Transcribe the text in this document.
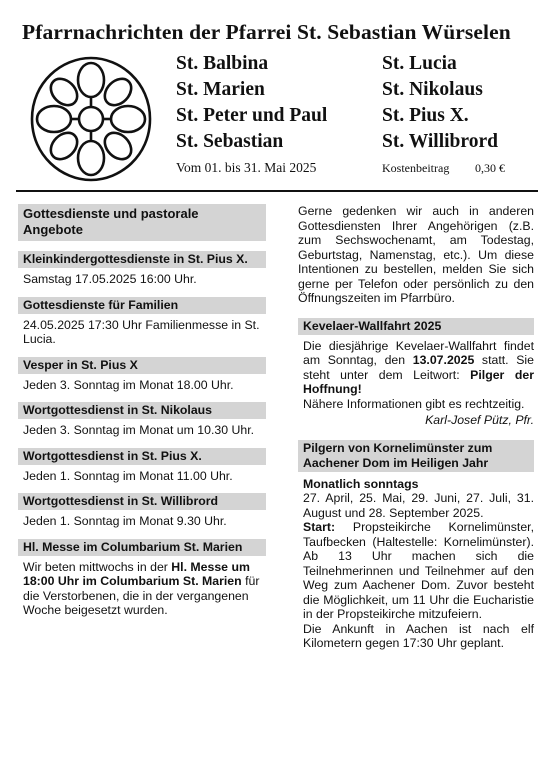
Pfarrnachrichten der Pfarrei St. Sebastian Würselen
St. Balbina
St. Marien
St. Peter und Paul
St. Sebastian
St. Lucia
St. Nikolaus
St. Pius X.
St. Willibrord
Vom 01. bis 31. Mai 2025	Kostenbeitrag 0,30 €
Gottesdienste und pastorale Angebote
Kleinkindergottesdienste in St. Pius X.
Samstag 17.05.2025 16:00 Uhr.
Gottesdienste für Familien
24.05.2025 17:30 Uhr Familienmesse in St. Lucia.
Vesper in St. Pius X
Jeden 3. Sonntag im Monat 18.00 Uhr.
Wortgottesdienst in St. Nikolaus
Jeden 3. Sonntag im Monat um 10.30 Uhr.
Wortgottesdienst in St. Pius X.
Jeden 1. Sonntag im Monat 11.00 Uhr.
Wortgottesdienst in St. Willibrord
Jeden 1. Sonntag im Monat 9.30 Uhr.
Hl. Messe im Columbarium St. Marien
Wir beten mittwochs in der Hl. Messe um 18:00 Uhr im Columbarium St. Marien für die Verstorbenen, die in der vergangenen Woche beigesetzt wurden.
Gerne gedenken wir auch in anderen Gottesdiensten Ihrer Angehörigen (z.B. zum Sechswochenamt, am Todestag, Geburtstag, Namenstag, etc.). Um diese Intentionen zu bestellen, melden Sie sich gerne per Telefon oder persönlich zu den Öffnungszeiten im Pfarrbüro.
Kevelaer-Wallfahrt 2025
Die diesjährige Kevelaer-Wallfahrt findet am Sonntag, den 13.07.2025 statt. Sie steht unter dem Leitwort: Pilger der Hoffnung!
Nähere Informationen gibt es rechtzeitig.
Karl-Josef Pütz, Pfr.
Pilgern von Kornelimünster zum Aachener Dom im Heiligen Jahr
Monatlich sonntags
27. April, 25. Mai, 29. Juni, 27. Juli, 31. August und 28. September 2025.
Start: Propsteikirche Kornelimünster, Taufbecken (Haltestelle: Kornelimünster). Ab 13 Uhr machen sich die Teilnehmerinnen und Teilnehmer auf den Weg zum Aachener Dom. Zuvor besteht die Möglichkeit, um 11 Uhr die Eucharistie in der Propsteikirche mitzufeiern.
Die Ankunft in Aachen ist nach elf Kilometern gegen 17:30 Uhr geplant.
